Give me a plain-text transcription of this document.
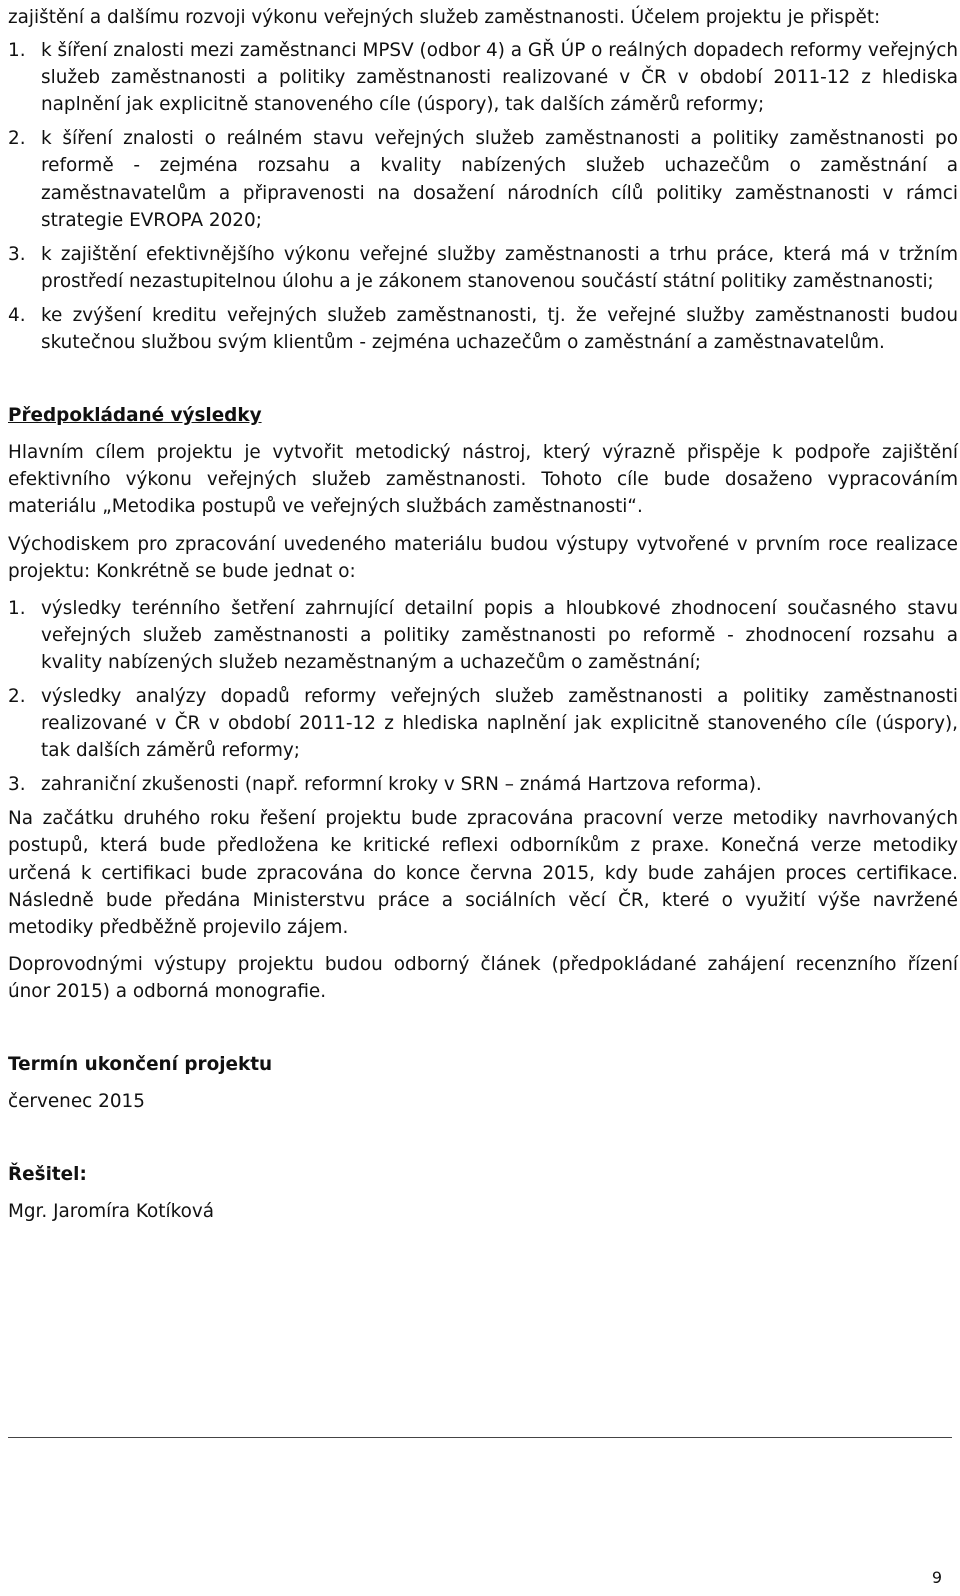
zajištění a dalšímu rozvoji výkonu veřejných služeb zaměstnanosti. Účelem projektu je přispět:

1. k šíření znalosti mezi zaměstnanci MPSV (odbor 4) a GŘ ÚP o reálných dopadech reformy veřejných služeb zaměstnanosti a politiky zaměstnanosti realizované v ČR v období 2011-12 z hlediska naplnění jak explicitně stanoveného cíle (úspory), tak dalších záměrů reformy;
2. k šíření znalosti o reálném stavu veřejných služeb zaměstnanosti a politiky zaměstnanosti po reformě - zejména rozsahu a kvality nabízených služeb uchazečům o zaměstnání a zaměstnavatelům a připravenosti na dosažení národních cílů politiky zaměstnanosti v rámci strategie EVROPA 2020;
3. k zajištění efektivnějšího výkonu veřejné služby zaměstnanosti a trhu práce, která má v tržním prostředí nezastupitelnou úlohu a je zákonem stanovenou součástí státní politiky zaměstnanosti;
4. ke zvýšení kreditu veřejných služeb zaměstnanosti, tj. že veřejné služby zaměstnanosti budou skutečnou službou svým klientům - zejména uchazečům o zaměstnání a zaměstnavatelům.

Předpokládané výsledky

Hlavním cílem projektu je vytvořit metodický nástroj, který výrazně přispěje k podpoře zajištění efektivního výkonu veřejných služeb zaměstnanosti. Tohoto cíle bude dosaženo vypracováním materiálu „Metodika postupů ve veřejných službách zaměstnanosti“.

Východiskem pro zpracování uvedeného materiálu budou výstupy vytvořené v prvním roce realizace projektu: Konkrétně se bude jednat o:

1. výsledky terénního šetření zahrnující detailní popis a hloubkové zhodnocení současného stavu veřejných služeb zaměstnanosti a politiky zaměstnanosti po reformě - zhodnocení rozsahu a kvality nabízených služeb nezaměstnaným a uchazečům o zaměstnání;
2. výsledky analýzy dopadů reformy veřejných služeb zaměstnanosti a politiky zaměstnanosti realizované v ČR v období 2011-12 z hlediska naplnění jak explicitně stanoveného cíle (úspory), tak dalších záměrů reformy;
3. zahraniční zkušenosti (např. reformní kroky v SRN – známá Hartzova reforma).

Na začátku druhého roku řešení projektu bude zpracována pracovní verze metodiky navrhovaných postupů, která bude předložena ke kritické reflexi odborníkům z praxe. Konečná verze metodiky určená k certifikaci bude zpracována do konce června 2015, kdy bude zahájen proces certifikace. Následně bude předána Ministerstvu práce a sociálních věcí ČR, které o využití výše navržené metodiky předběžně projevilo zájem.

Doprovodnými výstupy projektu budou odborný článek (předpokládané zahájení recenzního řízení únor 2015) a odborná monografie.

Termín ukončení projektu

červenec 2015

Řešitel:

Mgr. Jaromíra Kotíková

9
